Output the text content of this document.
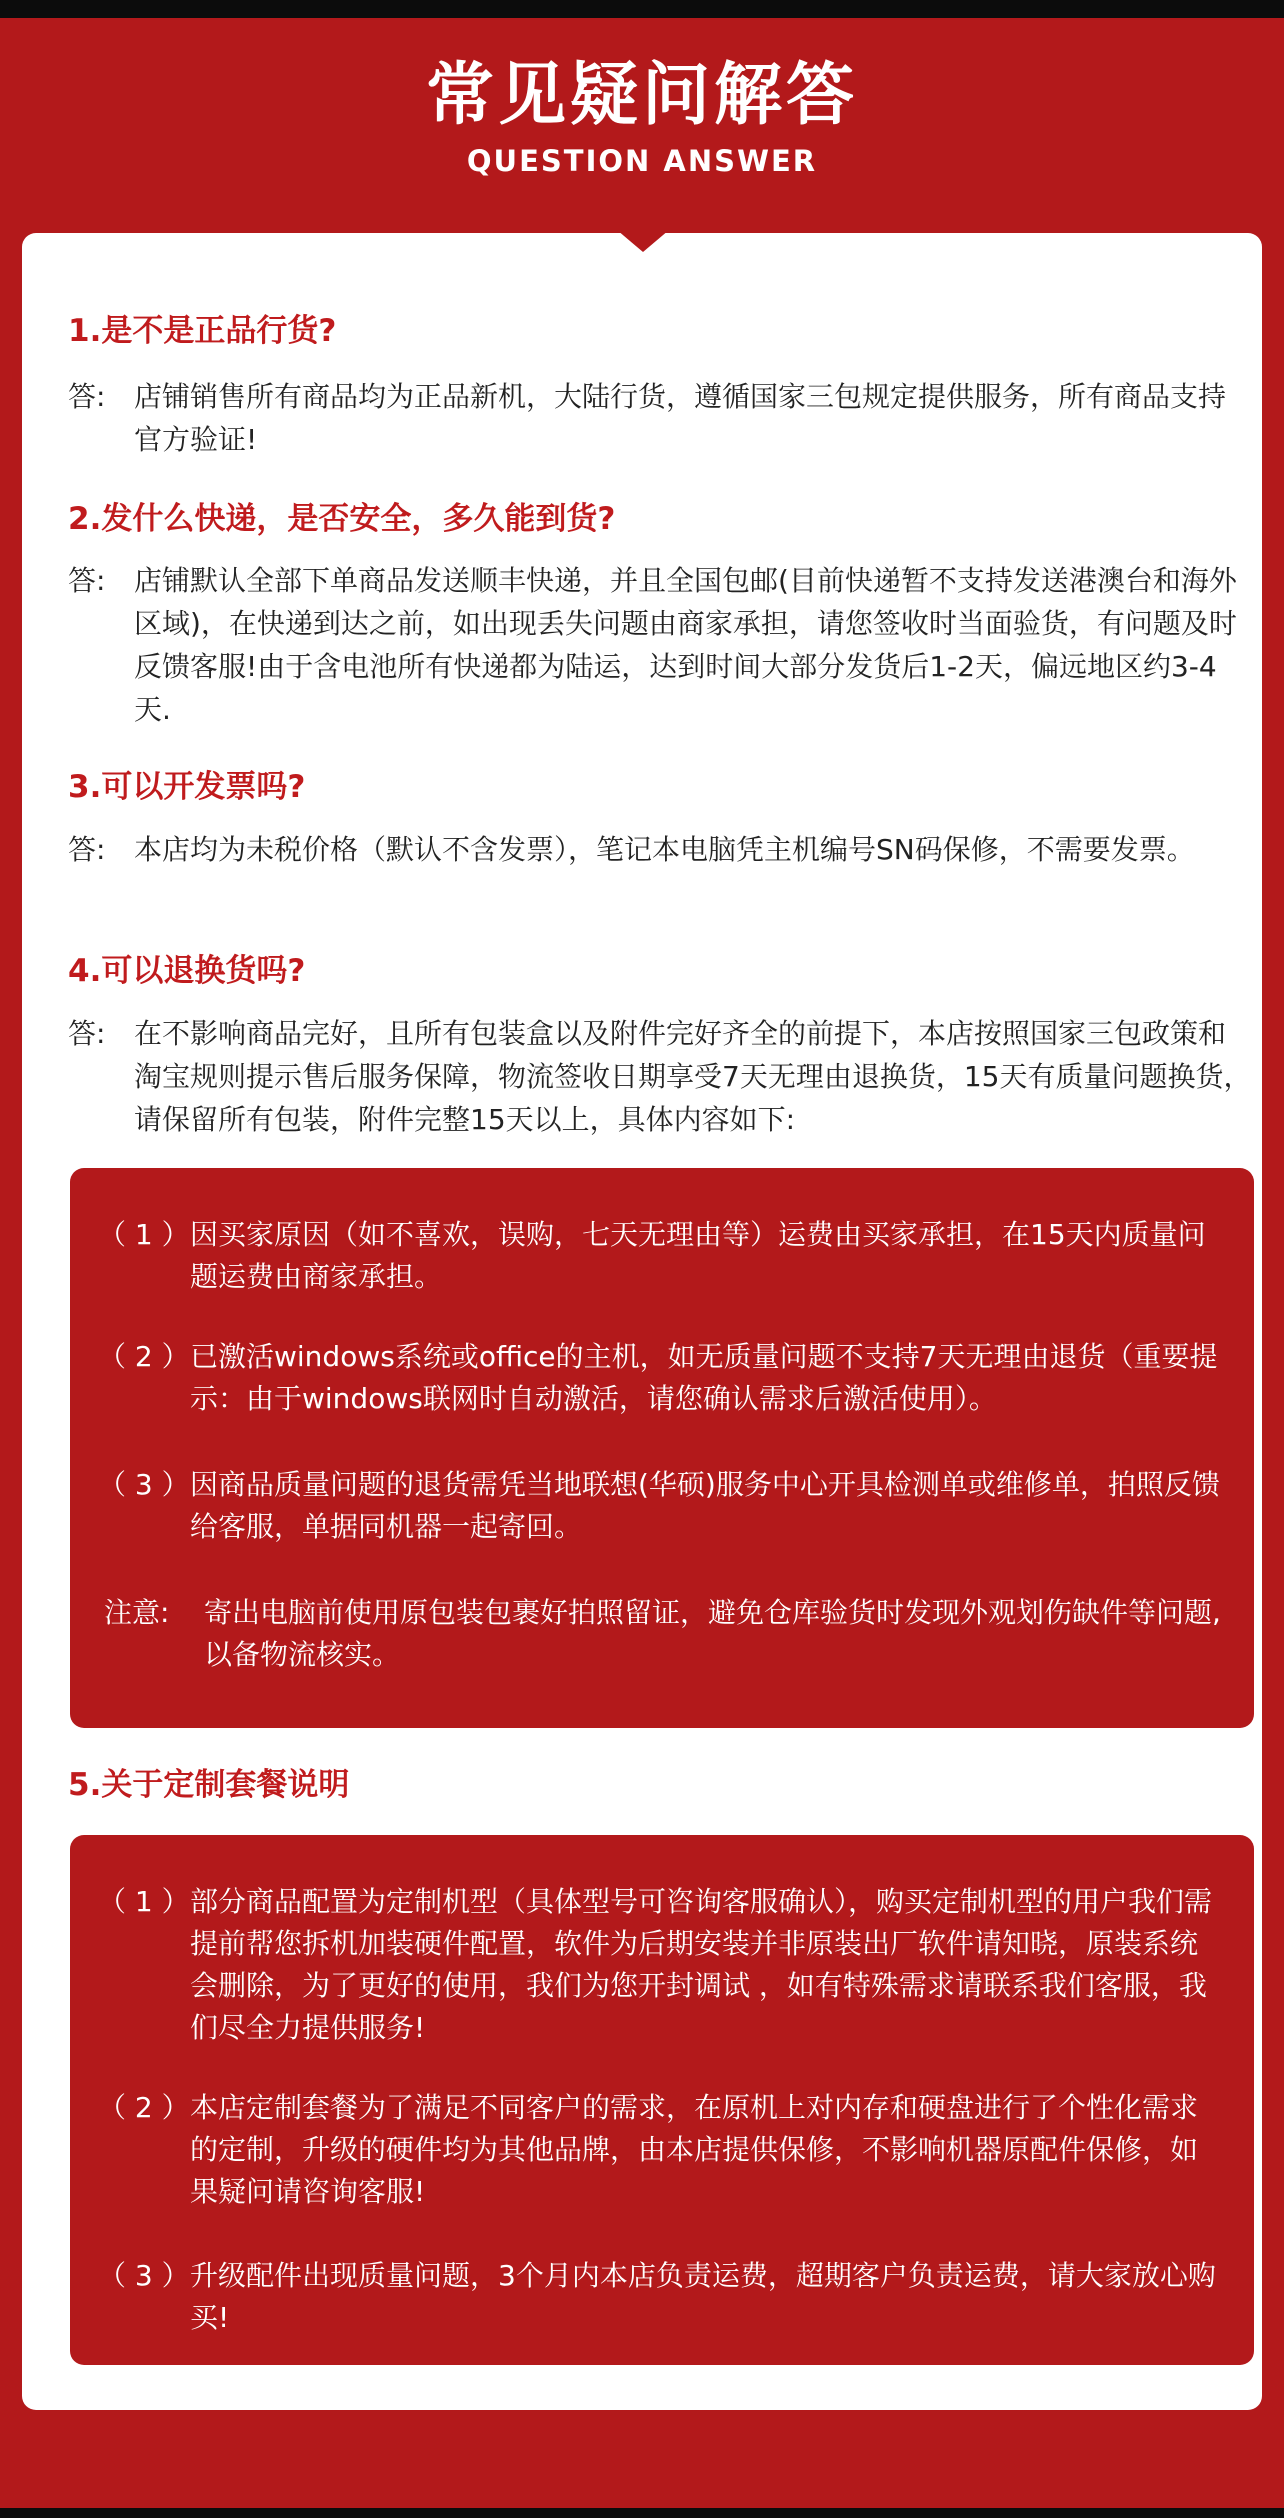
常见疑问解答
QUESTION ANSWER
1.是不是正品行货?
答: 店铺销售所有商品均为正品新机，大陆行货，遵循国家三包规定提供服务，所有商品支持官方验证!
2.发什么快递，是否安全，多久能到货?
答: 店铺默认全部下单商品发送顺丰快递，并且全国包邮(目前快递暂不支持发送港澳台和海外区域)，在快递到达之前，如出现丢失问题由商家承担，请您签收时当面验货，有问题及时反馈客服!由于含电池所有快递都为陆运，达到时间大部分发货后1-2天，偏远地区约3-4天.
3.可以开发票吗?
答: 本店均为未税价格（默认不含发票），笔记本电脑凭主机编号SN码保修，不需要发票。
4.可以退换货吗?
答: 在不影响商品完好，且所有包装盒以及附件完好齐全的前提下，本店按照国家三包政策和淘宝规则提示售后服务保障，物流签收日期享受7天无理由退换货，15天有质量问题换货，请保留所有包装，附件完整15天以上，具体内容如下:
（ 1 ） 因买家原因（如不喜欢，误购，七天无理由等）运费由买家承担，在15天内质量问题运费由商家承担。
（ 2 ） 已激活windows系统或office的主机，如无质量问题不支持7天无理由退货（重要提示：由于windows联网时自动激活，请您确认需求后激活使用）。
（ 3 ） 因商品质量问题的退货需凭当地联想(华硕)服务中心开具检测单或维修单，拍照反馈给客服，单据同机器一起寄回。
注意: 寄出电脑前使用原包装包裹好拍照留证，避免仓库验货时发现外观划伤缺件等问题,以备物流核实。
5.关于定制套餐说明
（ 1 ） 部分商品配置为定制机型（具体型号可咨询客服确认），购买定制机型的用户我们需提前帮您拆机加装硬件配置，软件为后期安装并非原装出厂软件请知晓，原装系统会删除，为了更好的使用，我们为您开封调试 ，如有特殊需求请联系我们客服，我们尽全力提供服务!
（ 2 ） 本店定制套餐为了满足不同客户的需求，在原机上对内存和硬盘进行了个性化需求的定制，升级的硬件均为其他品牌，由本店提供保修，不影响机器原配件保修，如果疑问请咨询客服!
（ 3 ） 升级配件出现质量问题，3个月内本店负责运费，超期客户负责运费，请大家放心购买!
